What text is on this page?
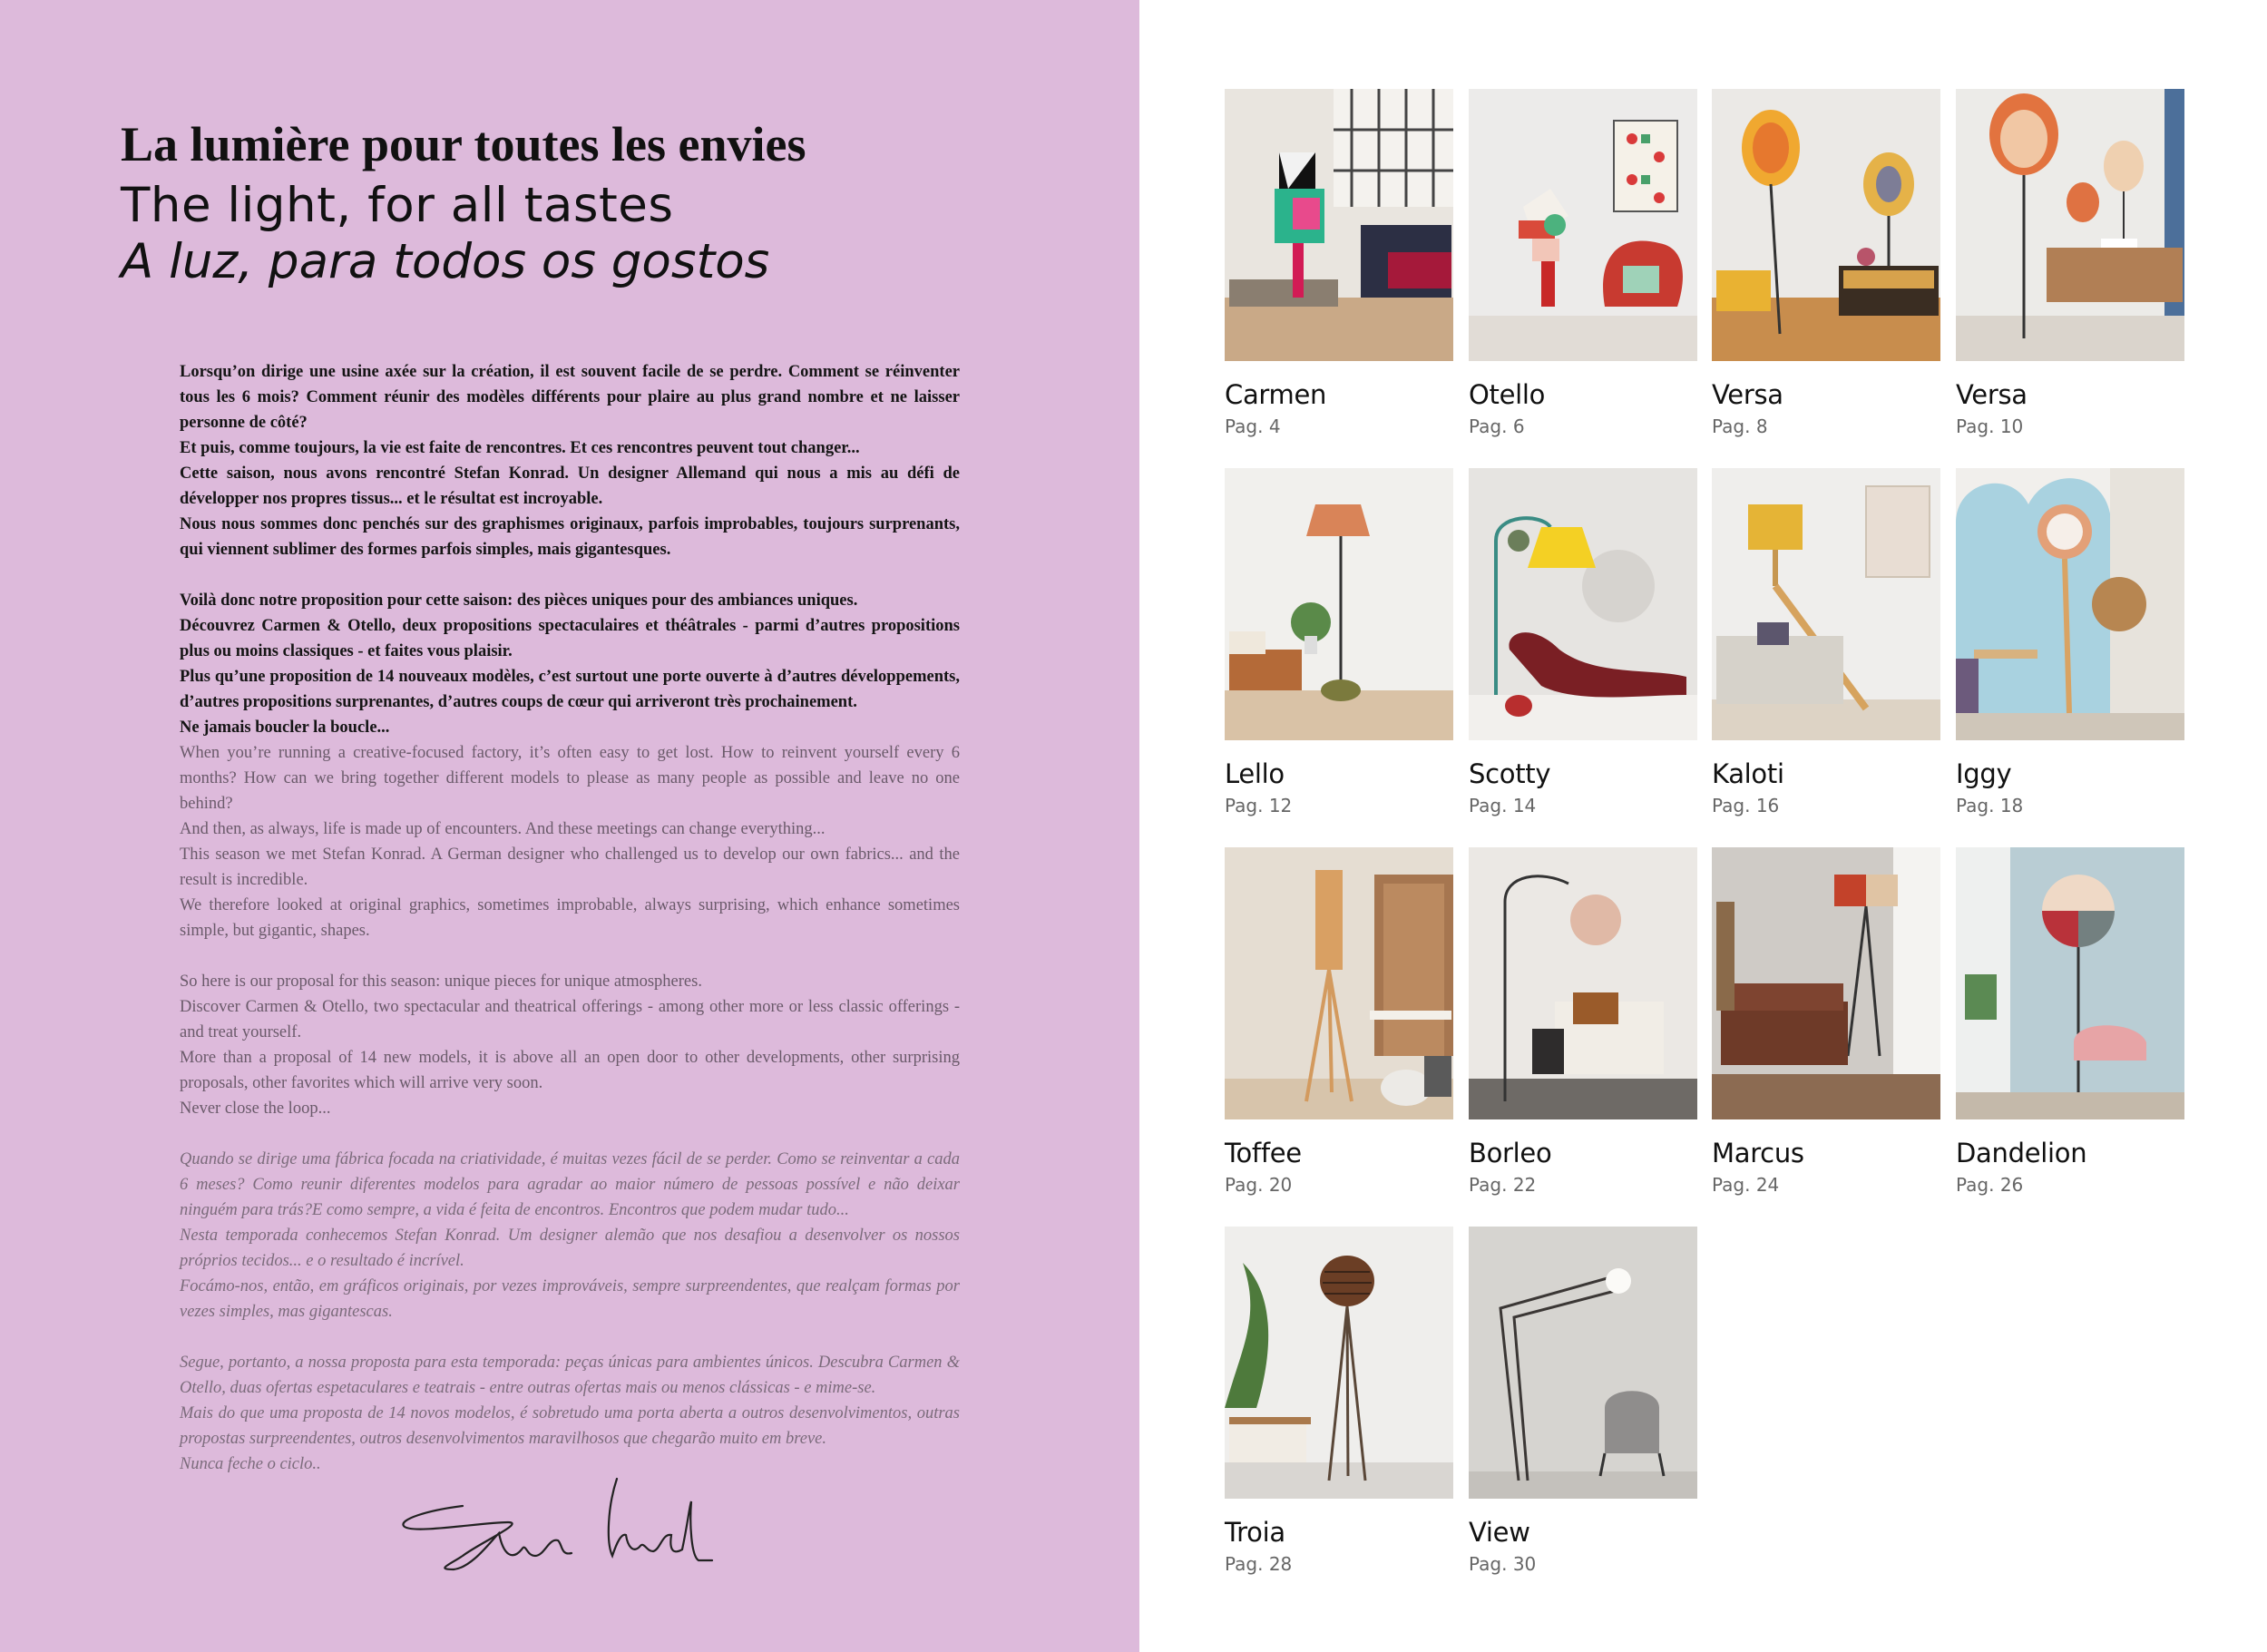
La lumière pour toutes les envies
The light, for all tastes
A luz, para todos os gostos

Lorsqu’on dirige une usine axée sur la création, il est souvent facile de se perdre. Comment se réinventer tous les 6 mois? Comment réunir des modèles différents pour plaire au plus grand nombre et ne laisser personne de côté?

Et puis, comme toujours, la vie est faite de rencontres. Et ces rencontres peuvent tout changer...

Cette saison, nous avons rencontré Stefan Konrad. Un designer Allemand qui nous a mis au défi de développer nos propres tissus... et le résultat est incroyable.

Nous nous sommes donc penchés sur des graphismes originaux, parfois improbables, toujours surprenants, qui viennent sublimer des formes parfois simples, mais gigantesques.

Voilà donc notre proposition pour cette saison: des pièces uniques pour des ambiances uniques.

Découvrez Carmen & Otello, deux propositions spectaculaires et théâtrales - parmi d’autres propositions plus ou moins classiques - et faites vous plaisir.

Plus qu’une proposition de 14 nouveaux modèles, c’est surtout une porte ouverte à d’autres développements, d’autres propositions surprenantes, d’autres coups de cœur qui arriveront très prochainement.

Ne jamais boucler la boucle...

When you’re running a creative-focused factory, it’s often easy to get lost. How to reinvent yourself every 6 months? How can we bring together different models to please as many people as possible and leave no one behind?

And then, as always, life is made up of encounters. And these meetings can change everything...

This season we met Stefan Konrad. A German designer who challenged us to develop our own fabrics... and the result is incredible.

We therefore looked at original graphics, sometimes improbable, always surprising, which enhance sometimes simple, but gigantic, shapes.

So here is our proposal for this season: unique pieces for unique atmospheres.

Discover Carmen & Otello, two spectacular and theatrical offerings - among other more or less classic offerings - and treat yourself.

More than a proposal of 14 new models, it is above all an open door to other developments, other surprising proposals, other favorites which will arrive very soon.

Never close the loop...

Quando se dirige uma fábrica focada na criatividade, é muitas vezes fácil de se perder. Como se reinventar a cada 6 meses? Como reunir diferentes modelos para agradar ao maior número de pessoas possível e não deixar ninguém para trás?E como sempre, a vida é feita de encontros. Encontros que podem mudar tudo...

Nesta temporada conhecemos Stefan Konrad. Um designer alemão que nos desafiou a desenvolver os nossos próprios tecidos... e o resultado é incrível.

Focámo-nos, então, em gráficos originais, por vezes improváveis, sempre surpreendentes, que realçam formas por vezes simples, mas gigantescas.

Segue, portanto, a nossa proposta para esta temporada: peças únicas para ambientes únicos. Descubra Carmen & Otello, duas ofertas espetaculares e teatrais - entre outras ofertas mais ou menos clássicas - e mime-se.

Mais do que uma proposta de 14 novos modelos, é sobretudo uma porta aberta a outros desenvolvimentos, outras propostas surpreendentes, outros desenvolvimentos maravilhosos que chegarão muito em breve.

Nunca feche o ciclo..

Carmen
Pag. 4
Otello
Pag. 6
Versa
Pag. 8
Versa
Pag. 10
Lello
Pag. 12
Scotty
Pag. 14
Kaloti
Pag. 16
Iggy
Pag. 18
Toffee
Pag. 20
Borleo
Pag. 22
Marcus
Pag. 24
Dandelion
Pag. 26
Troia
Pag. 28
View
Pag. 30
